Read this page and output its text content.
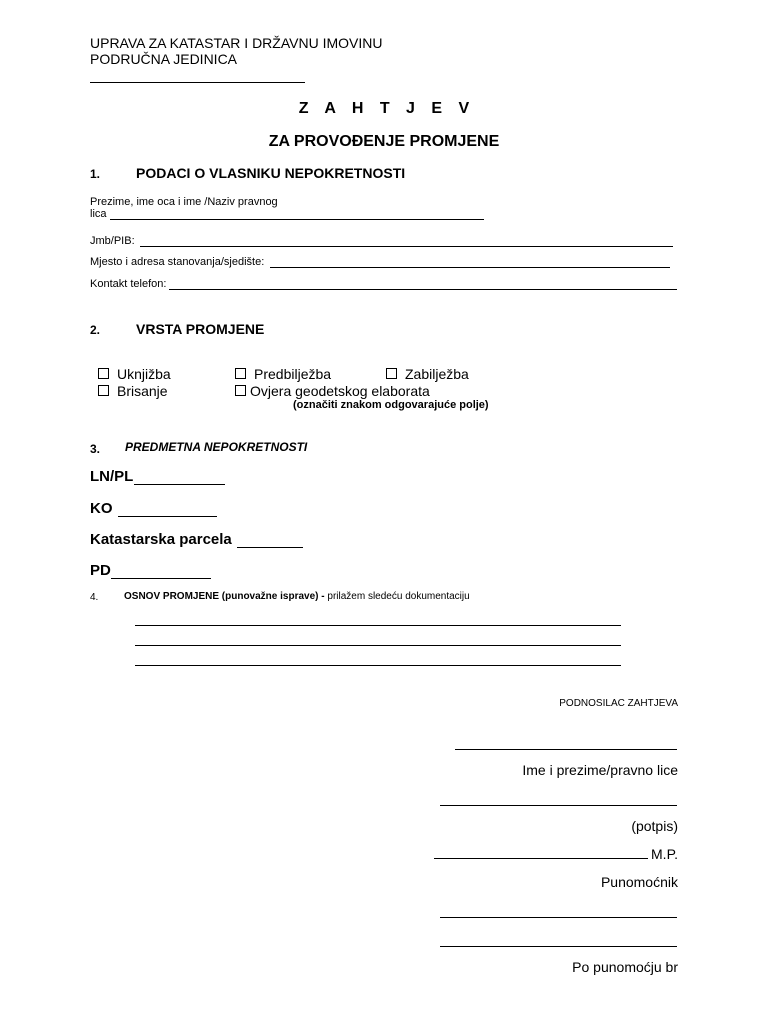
UPRAVA ZA KATASTAR I DRŽAVNU IMOVINU
PODRUČNA JEDINICA
Z A H T J E V
ZA PROVOĐENJE PROMJENE
1.	PODACI O VLASNIKU NEPOKRETNOSTI
Prezime, ime oca i ime /Naziv pravnog
lica
Jmb/PIB:
Mjesto i adresa stanovanja/sjedište:
Kontakt telefon:
2.	VRSTA PROMJENE
Uknjižba	Predbilježba	Zabilježba
Brisanje	Ovjera geodetskog elaborata
(označiti znakom odgovarajuće polje)
3. PREDMETNA NEPOKRETNOSTI
LN/PL
KO
Katastarska parcela
PD
4.	OSNOV PROMJENE (punovažne isprave) - prilažem sledeću dokumentaciju
PODNOSILAC ZAHTJEVA
Ime i prezime/pravno lice
(potpis)
M.P.
Punomoćnik
Po punomoćju br
